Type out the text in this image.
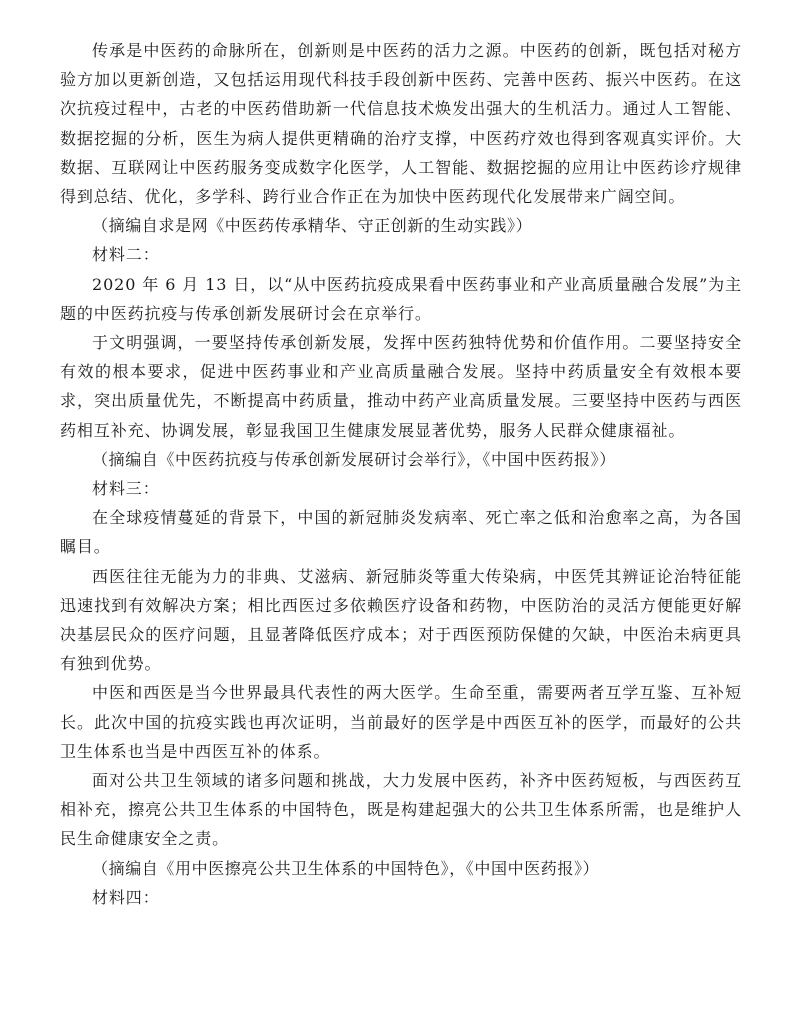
传承是中医药的命脉所在，创新则是中医药的活力之源。中医药的创新，既包括对秘方验方加以更新创造，又包括运用现代科技手段创新中医药、完善中医药、振兴中医药。在这次抗疫过程中，古老的中医药借助新一代信息技术焕发出强大的生机活力。通过人工智能、数据挖掘的分析，医生为病人提供更精确的治疗支撑，中医药疗效也得到客观真实评价。大数据、互联网让中医药服务变成数字化医学，人工智能、数据挖掘的应用让中医药诊疗规律得到总结、优化，多学科、跨行业合作正在为加快中医药现代化发展带来广阔空间。

（摘编自求是网《中医药传承精华、守正创新的生动实践》）

材料二：

2020 年 6 月 13 日，以“从中医药抗疫成果看中医药事业和产业高质量融合发展”为主题的中医药抗疫与传承创新发展研讨会在京举行。

于文明强调，一要坚持传承创新发展，发挥中医药独特优势和价值作用。二要坚持安全有效的根本要求，促进中医药事业和产业高质量融合发展。坚持中药质量安全有效根本要求，突出质量优先，不断提高中药质量，推动中药产业高质量发展。三要坚持中医药与西医药相互补充、协调发展，彰显我国卫生健康发展显著优势，服务人民群众健康福祉。

（摘编自《中医药抗疫与传承创新发展研讨会举行》，《中国中医药报》）

材料三：

在全球疫情蔓延的背景下，中国的新冠肺炎发病率、死亡率之低和治愈率之高，为各国瞩目。

西医往往无能为力的非典、艾滋病、新冠肺炎等重大传染病，中医凭其辨证论治特征能迅速找到有效解决方案；相比西医过多依赖医疗设备和药物，中医防治的灵活方便能更好解决基层民众的医疗问题，且显著降低医疗成本；对于西医预防保健的欠缺，中医治未病更具有独到优势。

中医和西医是当今世界最具代表性的两大医学。生命至重，需要两者互学互鉴、互补短长。此次中国的抗疫实践也再次证明，当前最好的医学是中西医互补的医学，而最好的公共卫生体系也当是中西医互补的体系。

面对公共卫生领域的诸多问题和挑战，大力发展中医药，补齐中医药短板，与西医药互相补充，擦亮公共卫生体系的中国特色，既是构建起强大的公共卫生体系所需，也是维护人民生命健康安全之责。

（摘编自《用中医擦亮公共卫生体系的中国特色》，《中国中医药报》）

材料四：
